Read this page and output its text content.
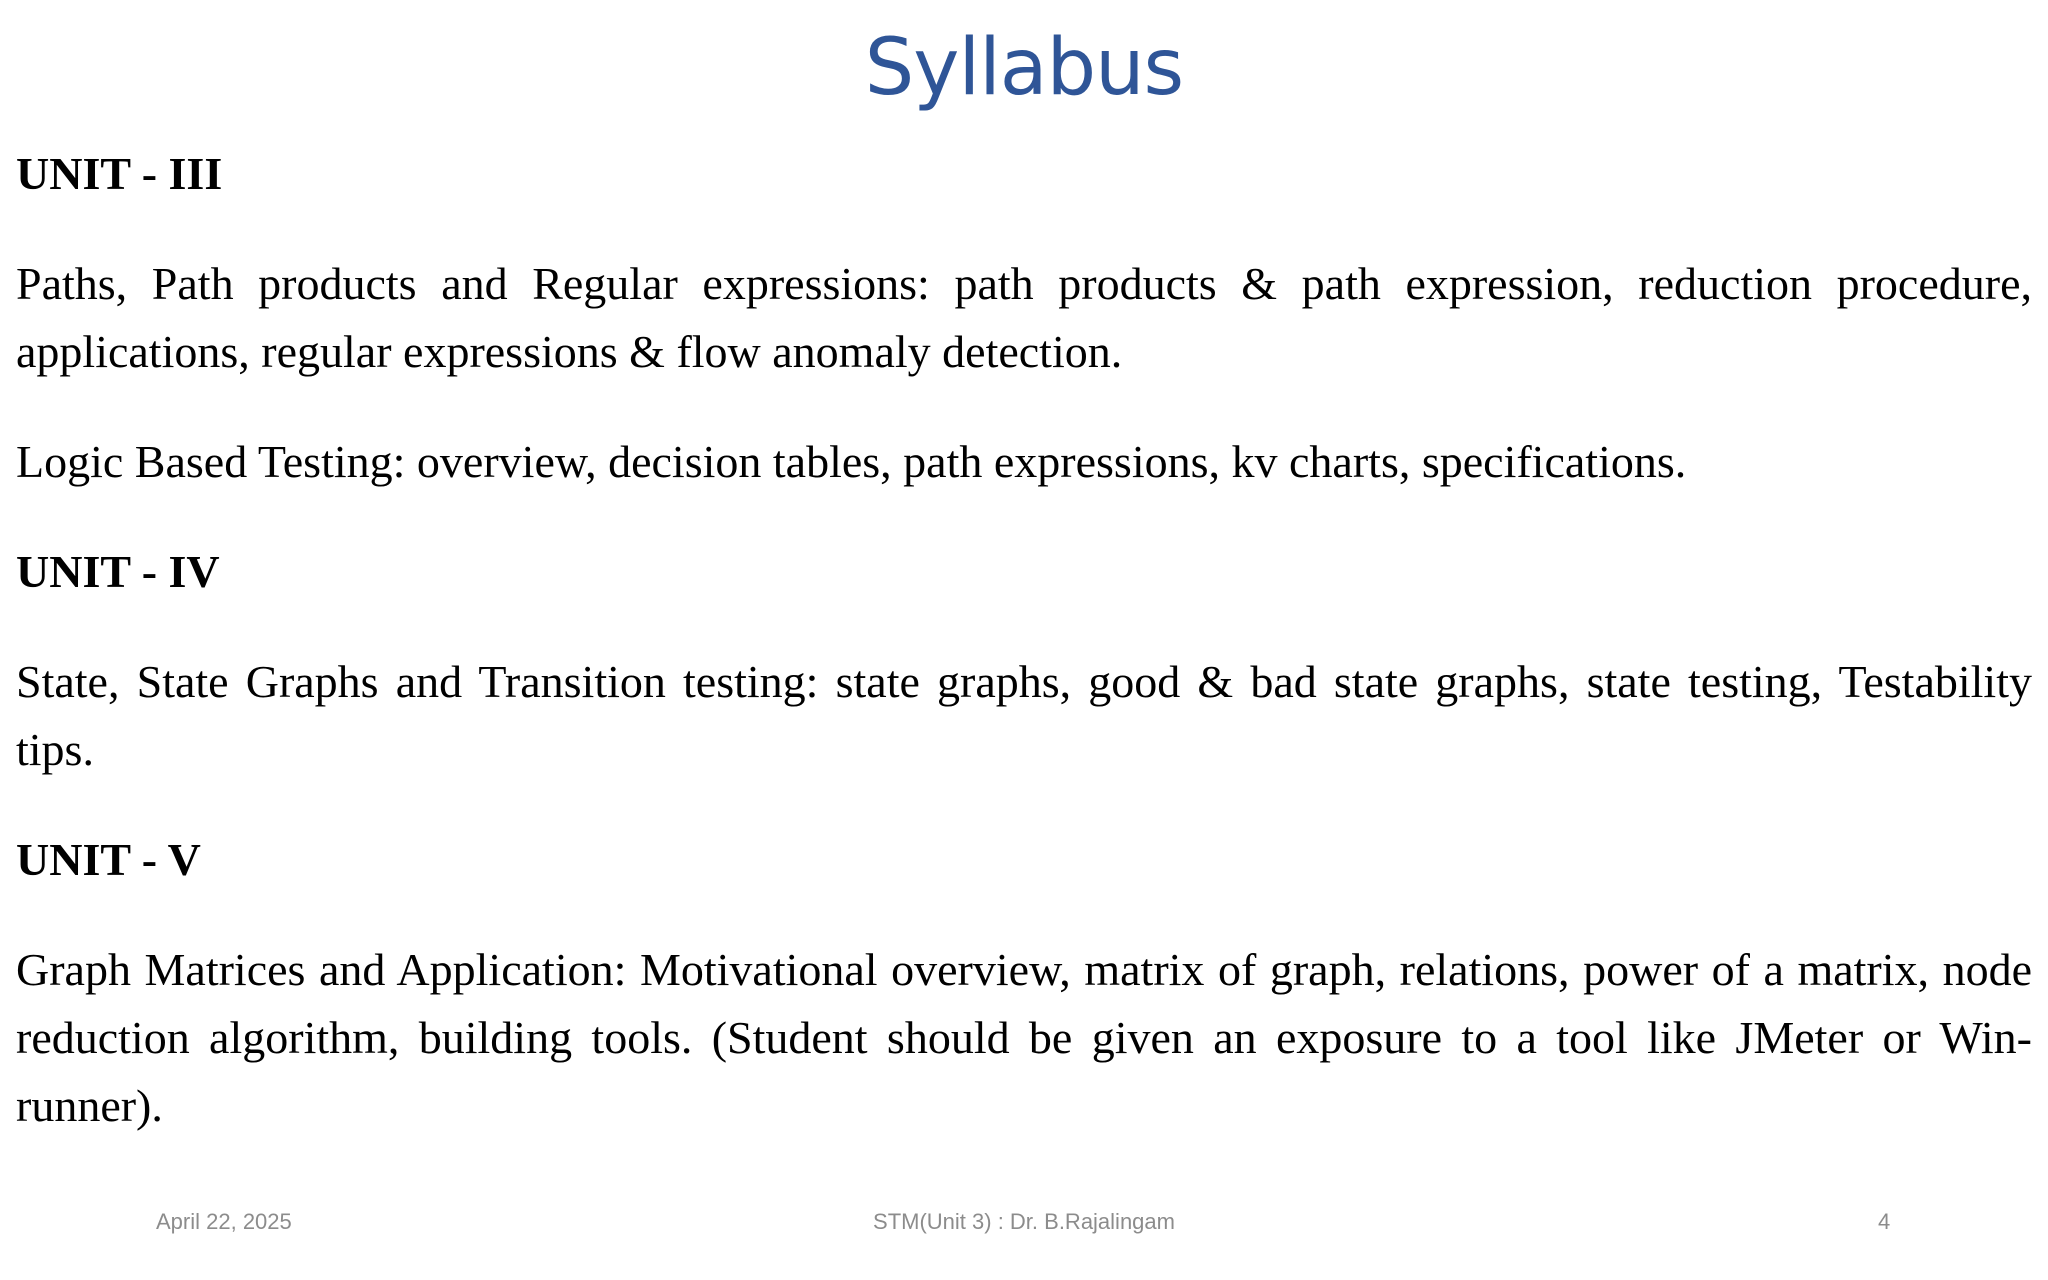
Syllabus
UNIT - III
Paths, Path products and Regular expressions: path products & path expression, reduction procedure, applications, regular expressions & flow anomaly detection.
Logic Based Testing: overview, decision tables, path expressions, kv charts, specifications.
UNIT - IV
State, State Graphs and Transition testing: state graphs, good & bad state graphs, state testing, Testability tips.
UNIT - V
Graph Matrices and Application: Motivational overview, matrix of graph, relations, power of a matrix, node reduction algorithm, building tools. (Student should be given an exposure to a tool like JMeter or Win-runner).
April 22, 2025	STM(Unit 3) : Dr. B.Rajalingam	4
